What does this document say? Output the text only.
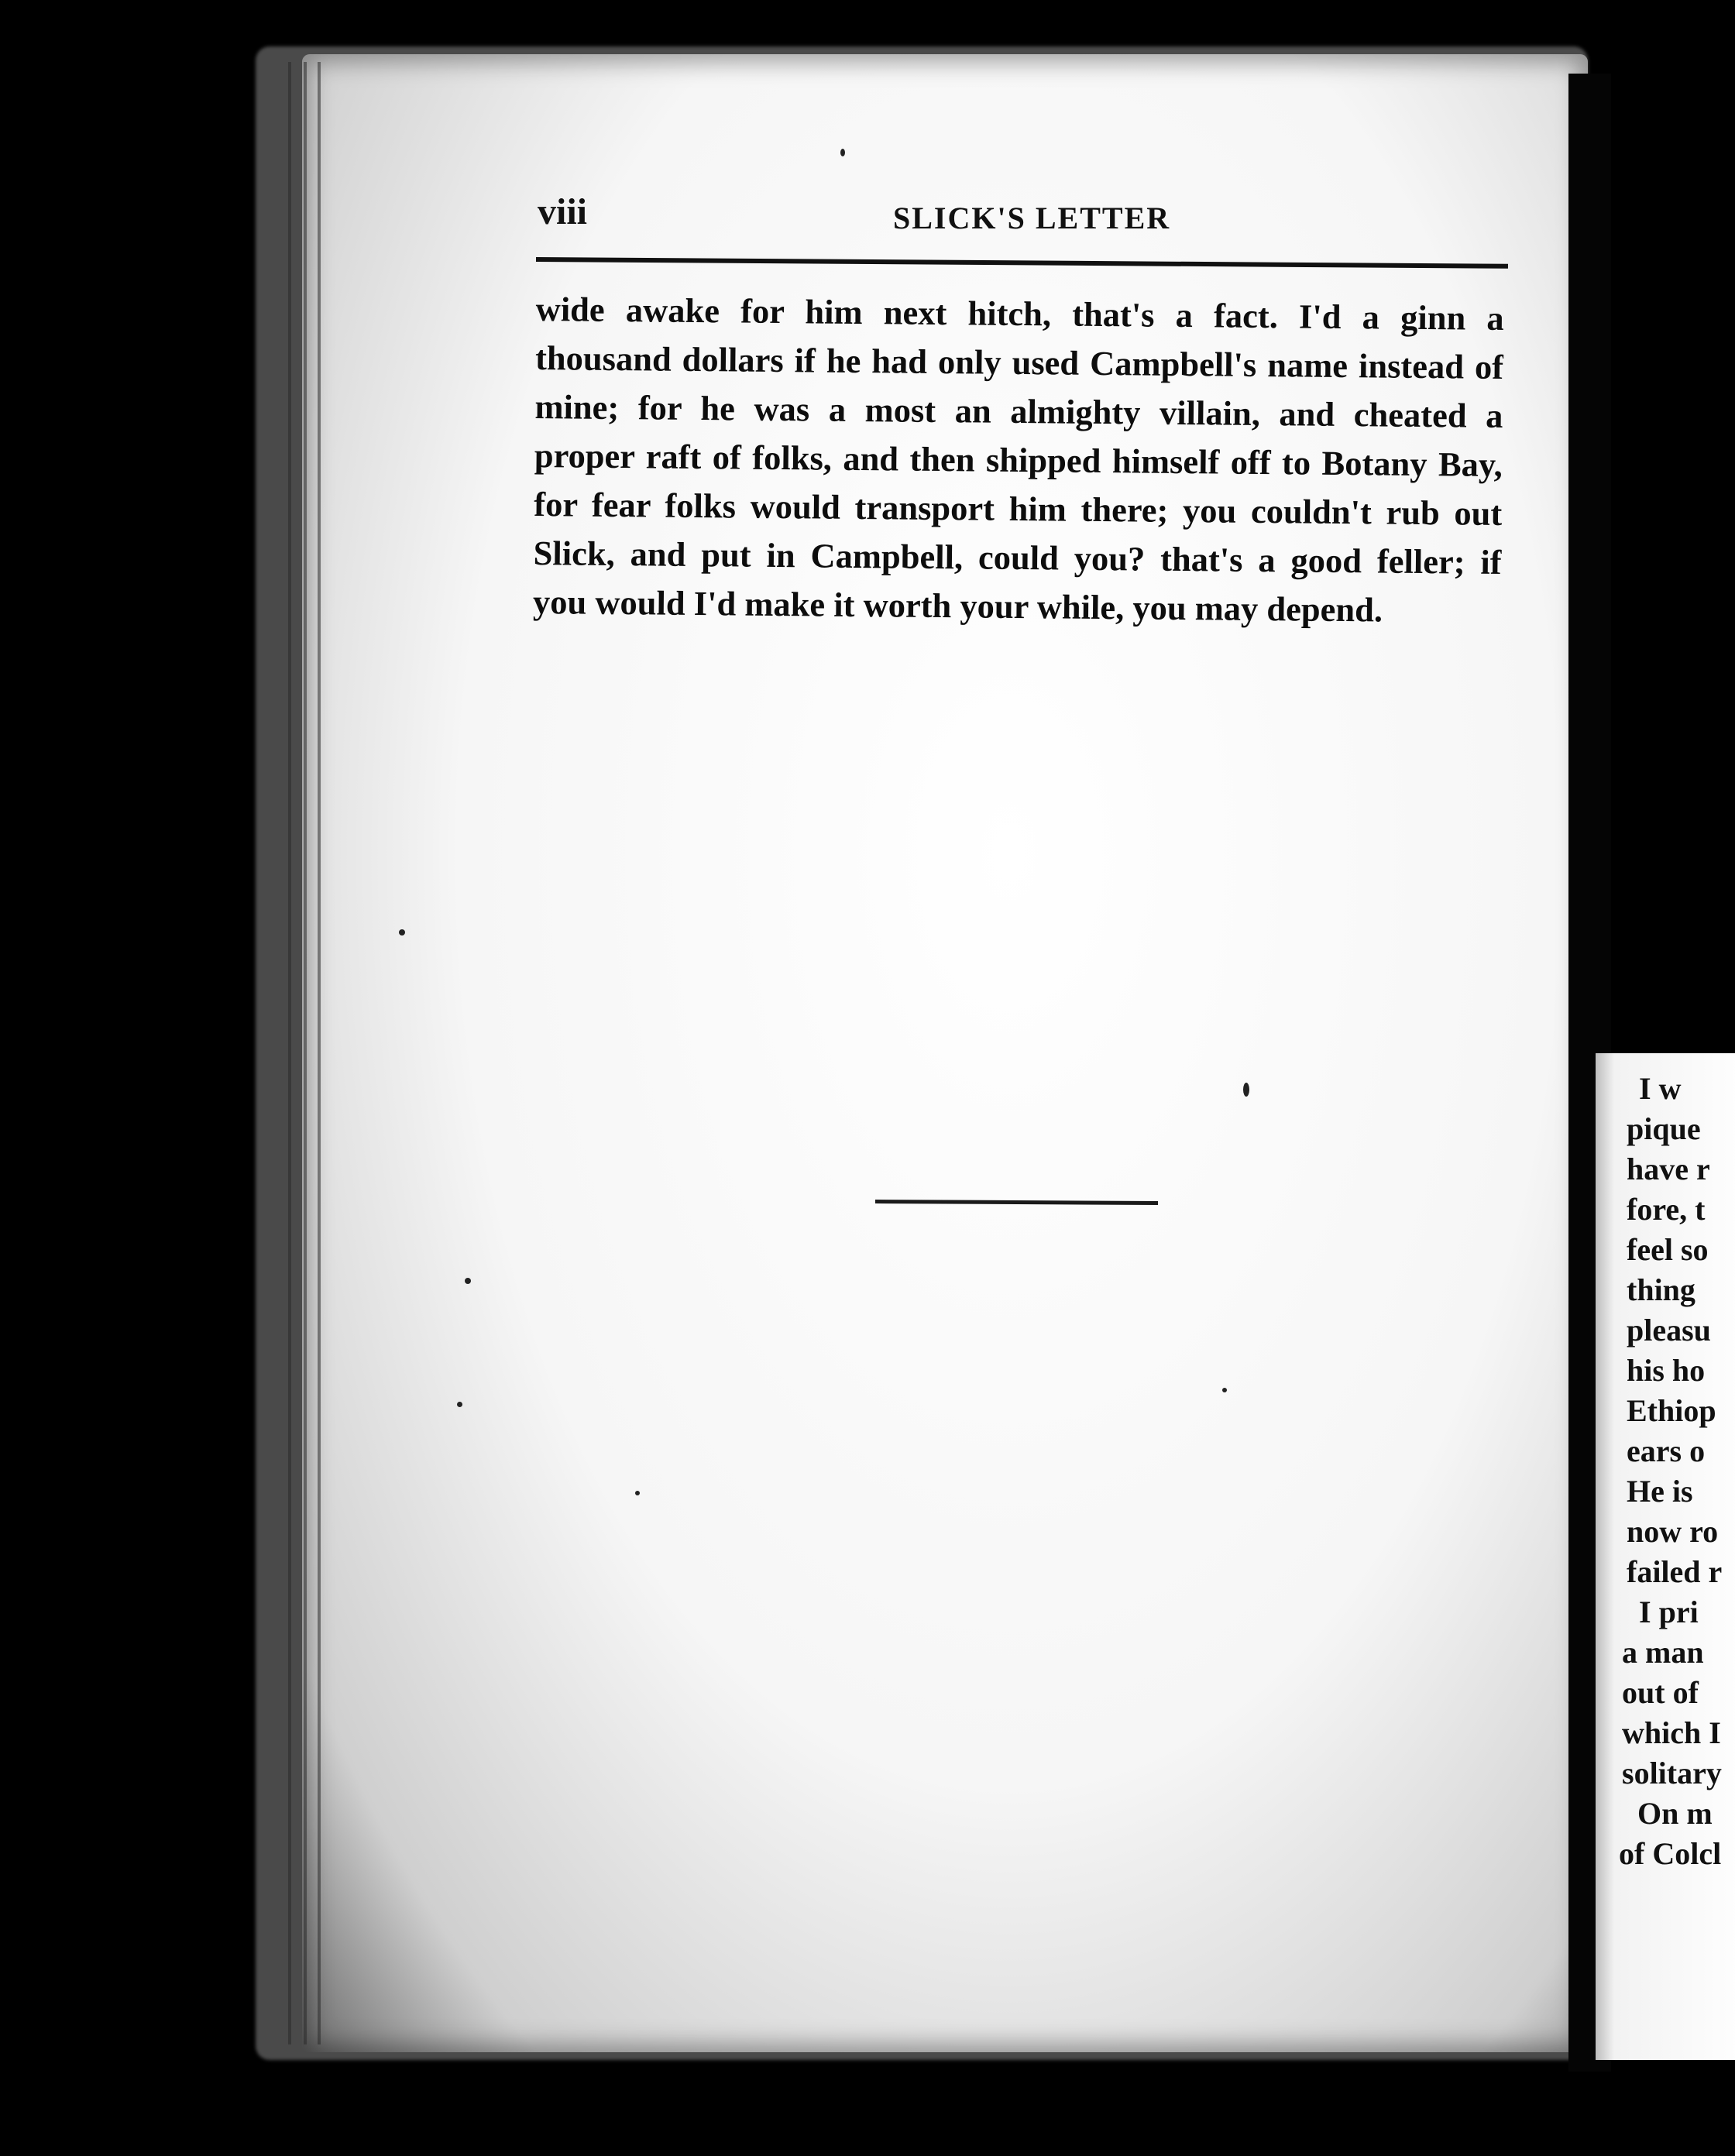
viii	SLICK'S LETTER
wide awake for him next hitch, that's a fact. I'd a ginn a
thousand dollars if he had only used Campbell's name instead of
mine; for he was a most an almighty villain, and cheated a
proper raft of folks, and then shipped himself off to Botany Bay,
for fear folks would transport him there; you couldn't rub out
Slick, and put in Campbell, could you? that's a good feller; if
you would I'd make it worth your while, you may depend.
I w
pique
have r
fore, t
feel so
thing
pleasu
his ho
Ethiop
ears o
He is
now ro
failed r
I pri
a man
out of
which I
solitary
On m
of Colcl
